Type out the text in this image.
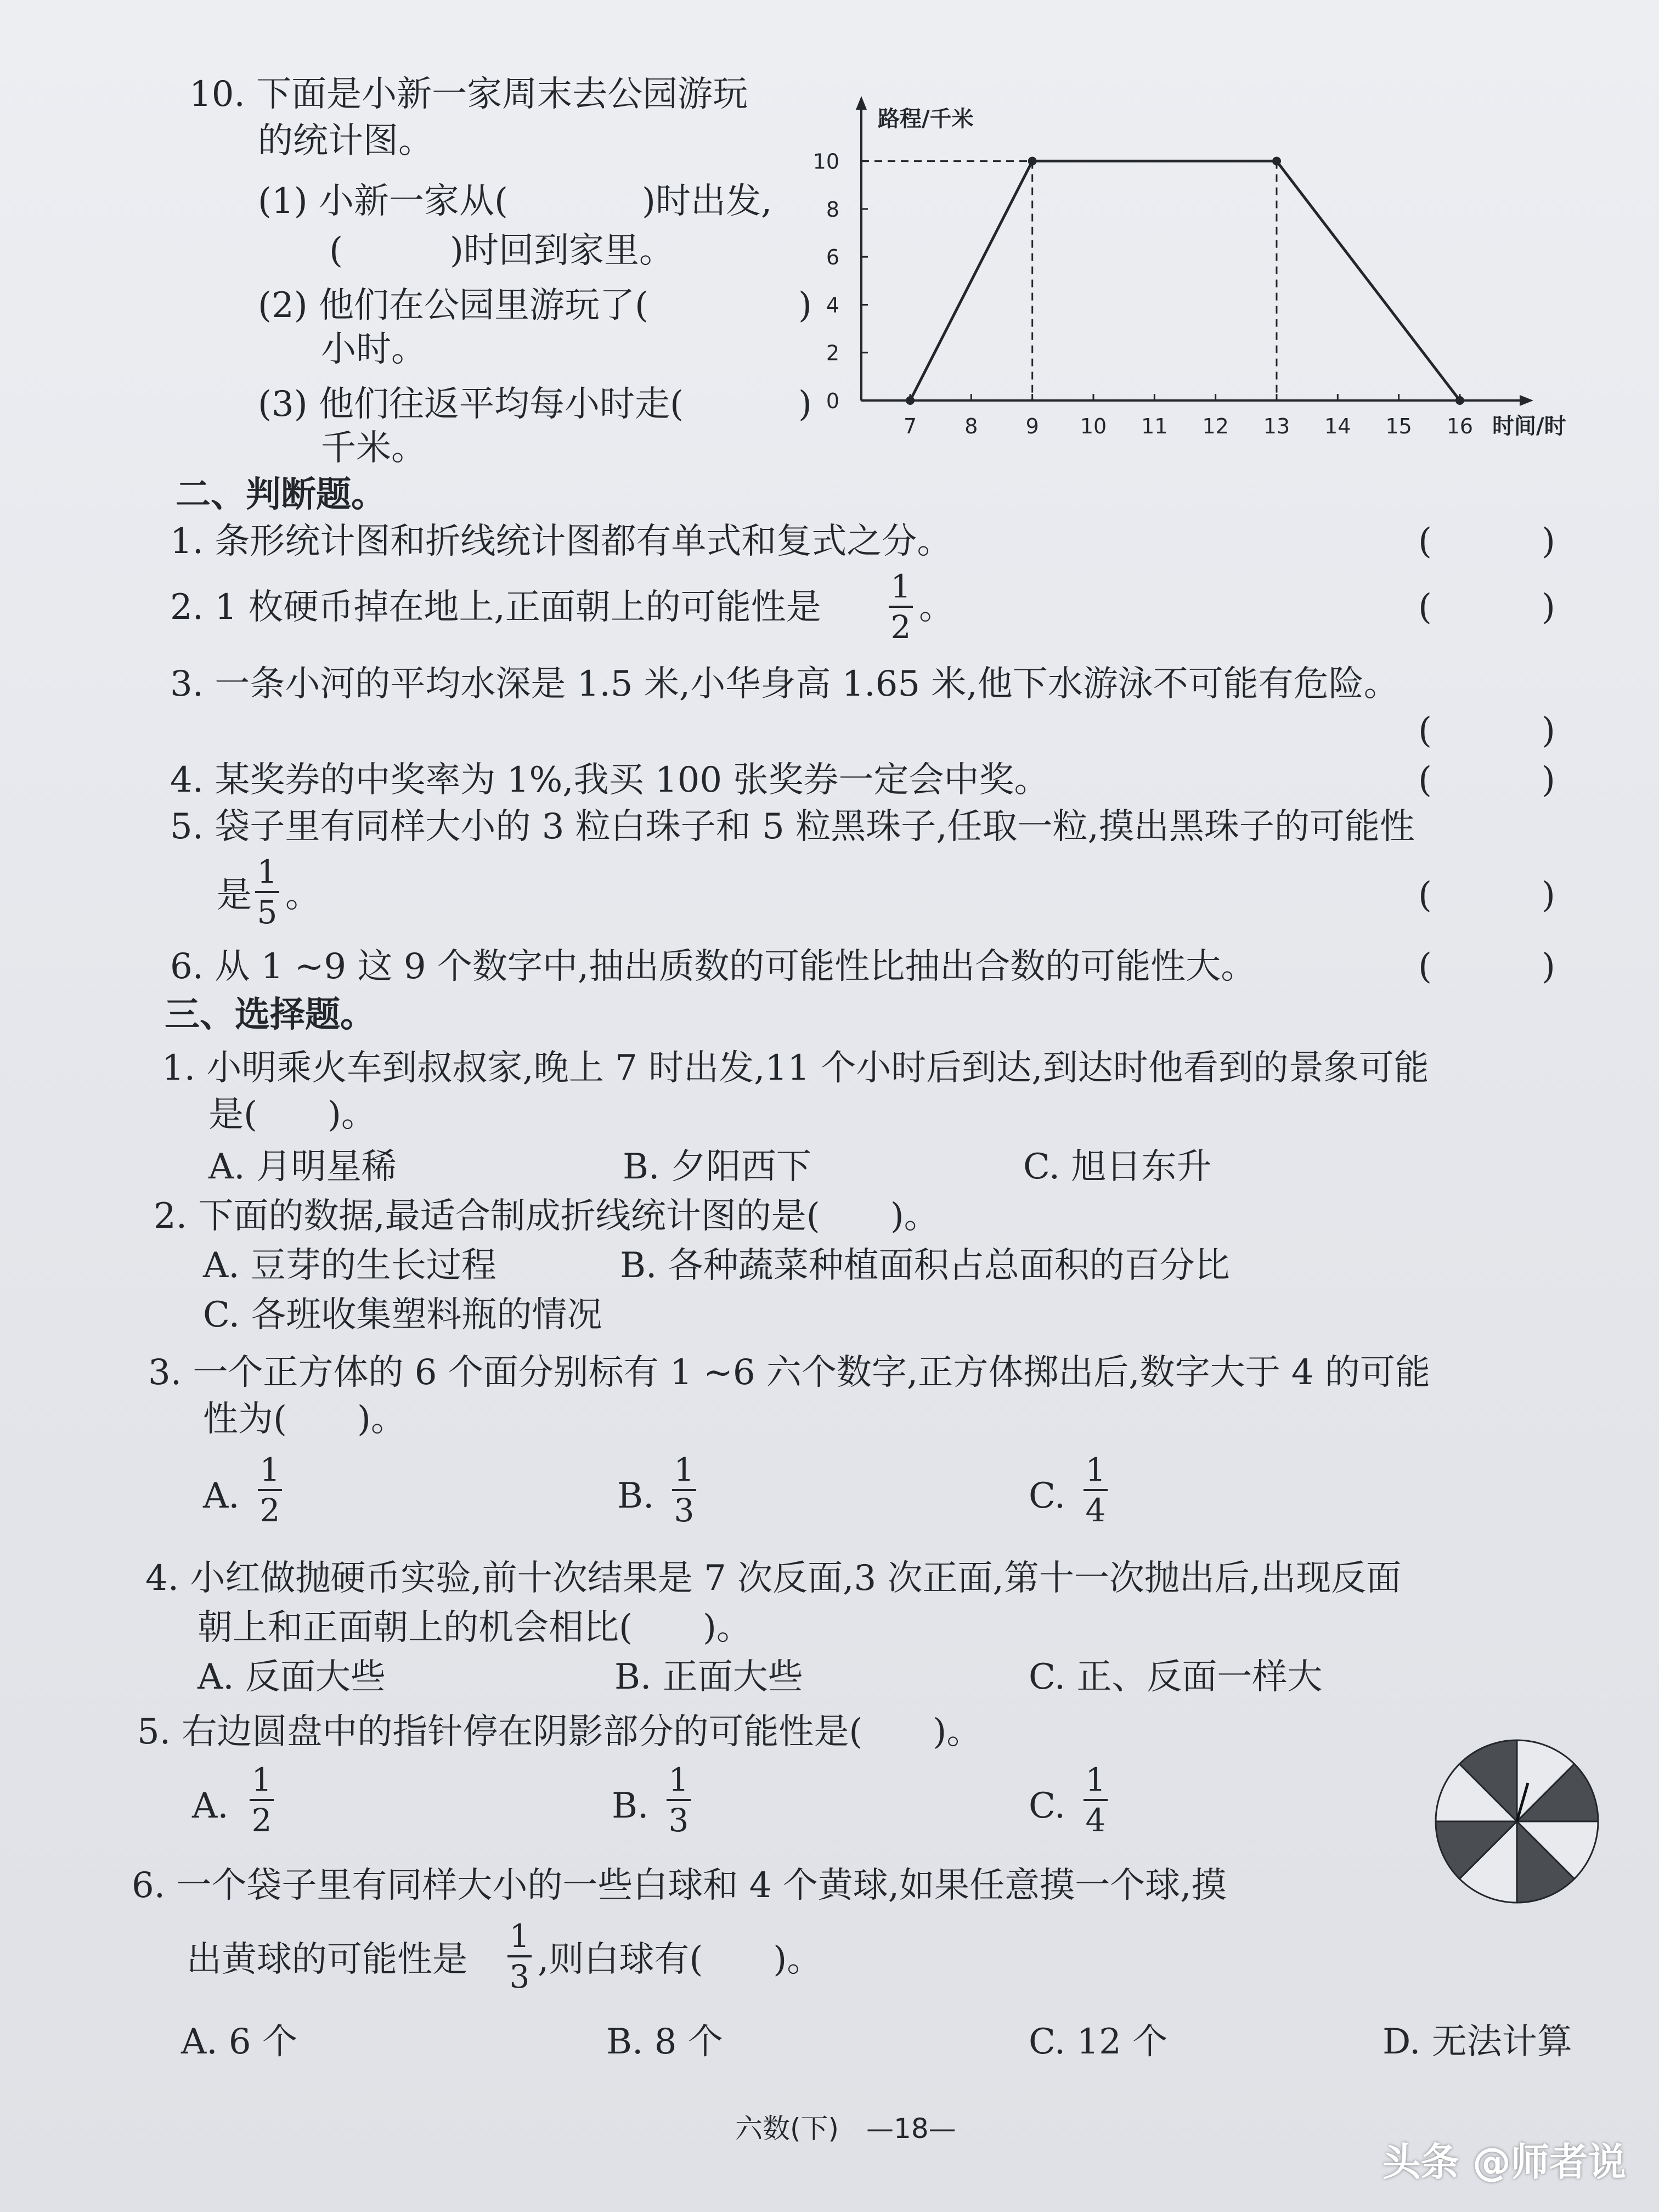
10. 下面是小新一家周末去公园游玩
的统计图。
(1) 小新一家从(	)时出发,
(	)时回到家里。
(2) 他们在公园里游玩了(	)
小时。
(3) 他们往返平均每小时走(	)
千米。
0
2
4
6
8
10
7 8 9 10 11 12 13 14 15 16
路程/千米
时间/时
二、判断题。
1. 条形统计图和折线统计图都有单式和复式之分。	(	)
2. 1 枚硬币掉在地上,正面朝上的可能性是
1
2 。	(	)
3. 一条小河的平均水深是 1.5 米,小华身高 1.65 米,他下水游泳不可能有危险。
(	)
4. 某奖券的中奖率为 1%,我买 100 张奖券一定会中奖。	(	)
5. 袋子里有同样大小的 3 粒白珠子和 5 粒黑珠子,任取一粒,摸出黑珠子的可能性
是
1
5 。	(	)
6. 从 1 ~9 这 9 个数字中,抽出质数的可能性比抽出合数的可能性大。	(	)
三、选择题。
1. 小明乘火车到叔叔家,晚上 7 时出发,11 个小时后到达,到达时他看到的景象可能
是(　　)。
A. 月明星稀	B. 夕阳西下	C. 旭日东升
2. 下面的数据,最适合制成折线统计图的是(　　)。
A. 豆芽的生长过程	B. 各种蔬菜种植面积占总面积的百分比
C. 各班收集塑料瓶的情况
3. 一个正方体的 6 个面分别标有 1 ~6 六个数字,正方体掷出后,数字大于 4 的可能
性为(　　)。
A.
1
2	B.
1
3	C.
1
4
4. 小红做抛硬币实验,前十次结果是 7 次反面,3 次正面,第十一次抛出后,出现反面
朝上和正面朝上的机会相比(　　)。
A. 反面大些	B. 正面大些	C. 正、反面一样大
5. 右边圆盘中的指针停在阴影部分的可能性是(　　)。
A.
1
2	B.
1
3	C.
1
4
6. 一个袋子里有同样大小的一些白球和 4 个黄球,如果任意摸一个球,摸
出黄球的可能性是
1
3 ,则白球有(　　)。
A. 6 个	B. 8 个	C. 12 个	D. 无法计算
六数(下)　—18—
头条 @师者说
